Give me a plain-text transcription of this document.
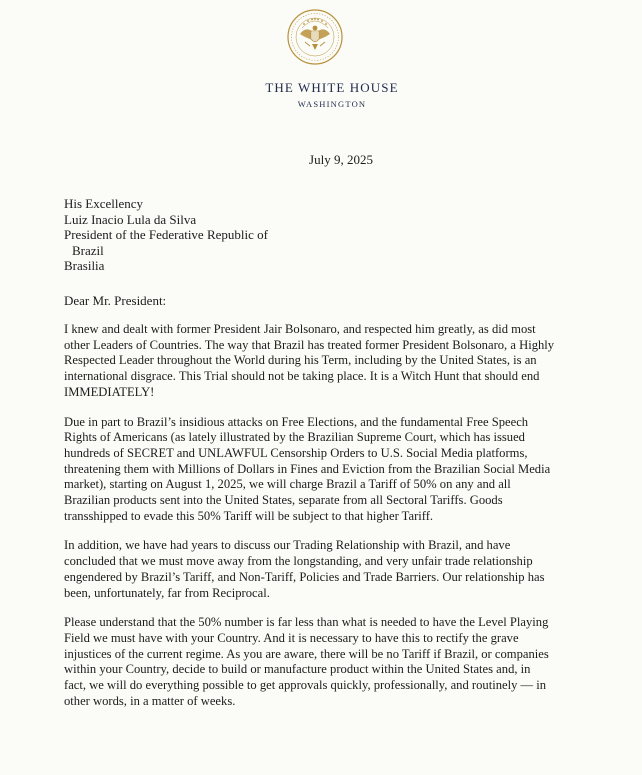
THE WHITE HOUSE
WASHINGTON
July 9, 2025
His Excellency
Luiz Inacio Lula da Silva
President of the Federative Republic of
Brazil
Brasilia
Dear Mr. President:

I knew and dealt with former President Jair Bolsonaro, and respected him greatly, as did most
other Leaders of Countries. The way that Brazil has treated former President Bolsonaro, a Highly
Respected Leader throughout the World during his Term, including by the United States, is an
international disgrace. This Trial should not be taking place. It is a Witch Hunt that should end
IMMEDIATELY!

Due in part to Brazil’s insidious attacks on Free Elections, and the fundamental Free Speech
Rights of Americans (as lately illustrated by the Brazilian Supreme Court, which has issued
hundreds of SECRET and UNLAWFUL Censorship Orders to U.S. Social Media platforms,
threatening them with Millions of Dollars in Fines and Eviction from the Brazilian Social Media
market), starting on August 1, 2025, we will charge Brazil a Tariff of 50% on any and all
Brazilian products sent into the United States, separate from all Sectoral Tariffs. Goods
transshipped to evade this 50% Tariff will be subject to that higher Tariff.

In addition, we have had years to discuss our Trading Relationship with Brazil, and have
concluded that we must move away from the longstanding, and very unfair trade relationship
engendered by Brazil’s Tariff, and Non-Tariff, Policies and Trade Barriers. Our relationship has
been, unfortunately, far from Reciprocal.

Please understand that the 50% number is far less than what is needed to have the Level Playing
Field we must have with your Country. And it is necessary to have this to rectify the grave
injustices of the current regime. As you are aware, there will be no Tariff if Brazil, or companies
within your Country, decide to build or manufacture product within the United States and, in
fact, we will do everything possible to get approvals quickly, professionally, and routinely — in
other words, in a matter of weeks.
